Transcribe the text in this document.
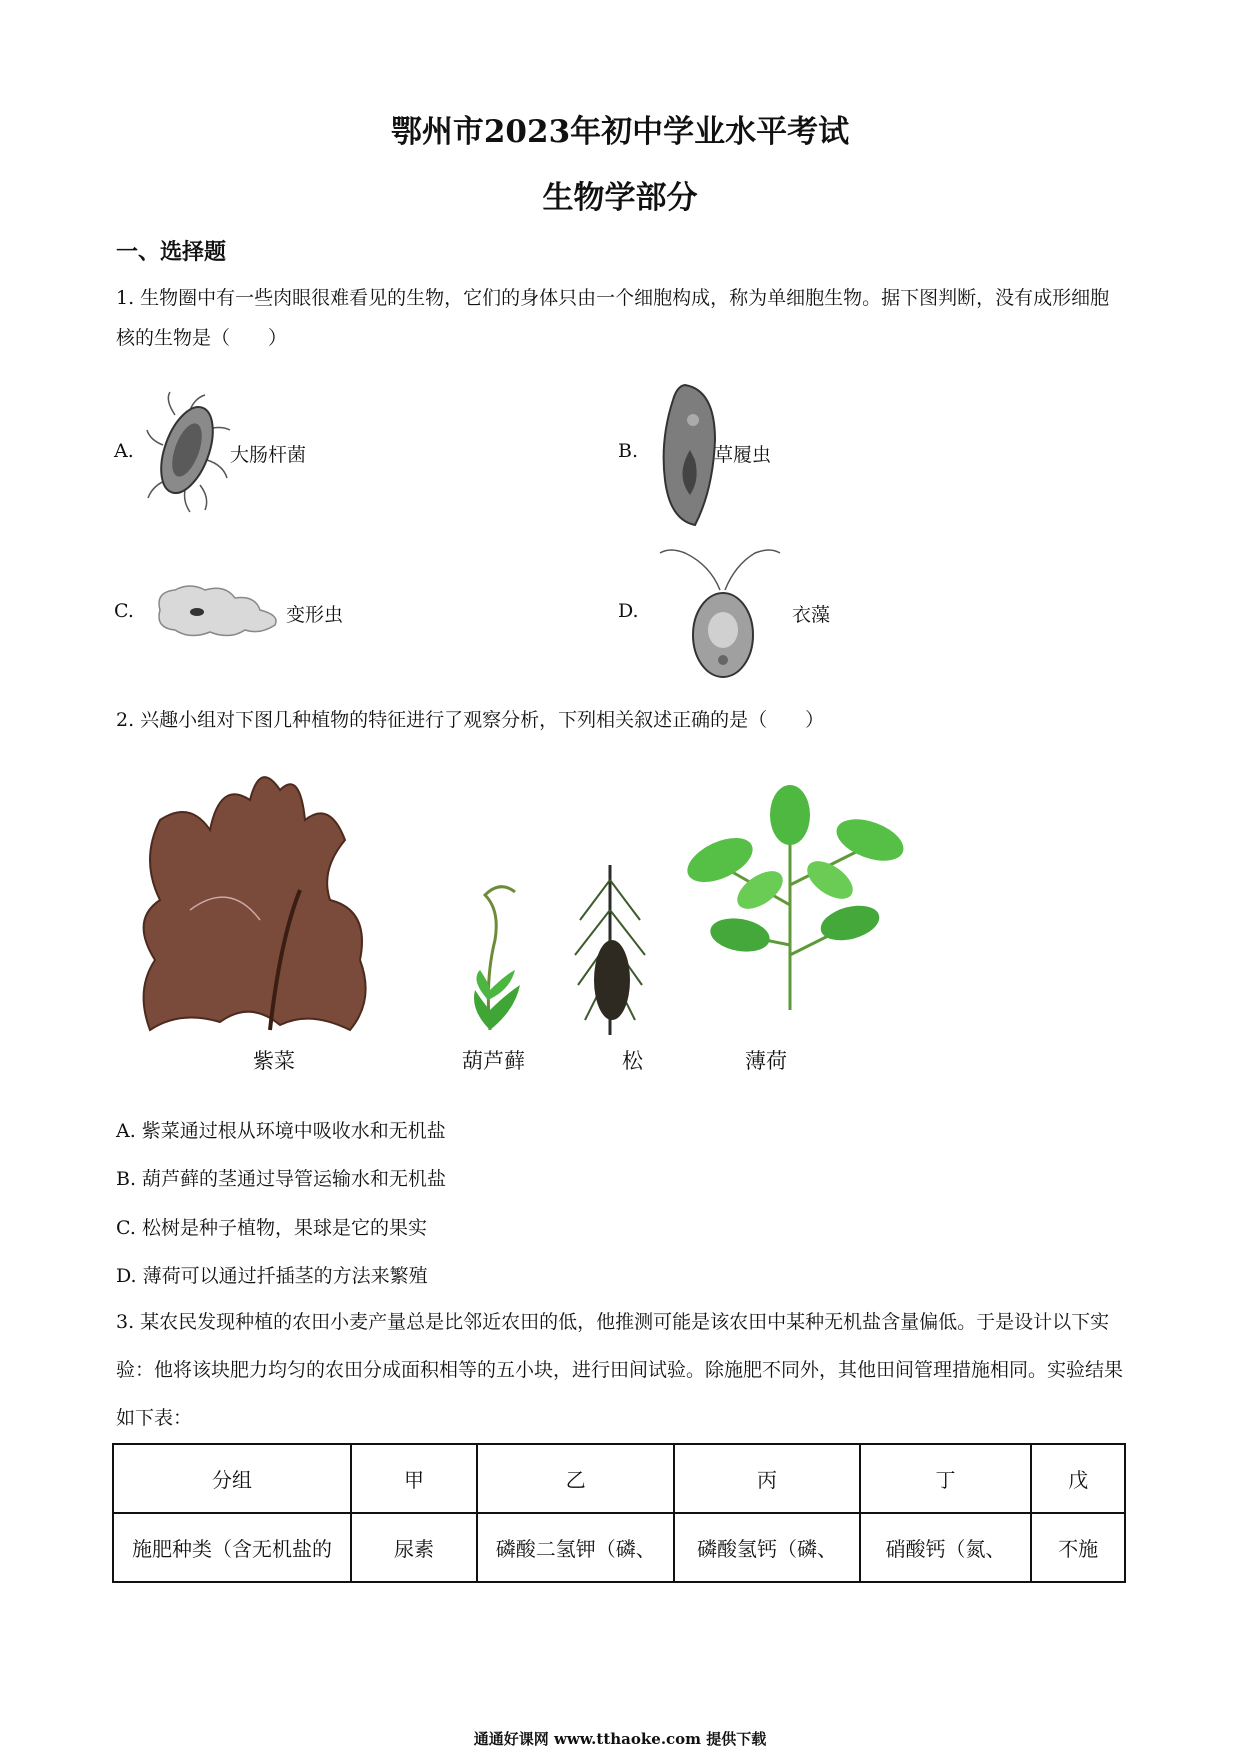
鄂州市2023年初中学业水平考试
生物学部分
一、选择题
1. 生物圈中有一些肉眼很难看见的生物，它们的身体只由一个细胞构成，称为单细胞生物。据下图判断，没有成形细胞核的生物是（　　）
A.	大肠杆菌	B.	草履虫
C.	变形虫	D.	衣藻
2. 兴趣小组对下图几种植物的特征进行了观察分析，下列相关叙述正确的是（　　）
紫菜	葫芦藓	松	薄荷
A. 紫菜通过根从环境中吸收水和无机盐
B. 葫芦藓的茎通过导管运输水和无机盐
C. 松树是种子植物，果球是它的果实
D. 薄荷可以通过扦插茎的方法来繁殖
3. 某农民发现种植的农田小麦产量总是比邻近农田的低，他推测可能是该农田中某种无机盐含量偏低。于是设计以下实验：他将该块肥力均匀的农田分成面积相等的五小块，进行田间试验。除施肥不同外，其他田间管理措施相同。实验结果如下表：
分组	甲	乙	丙	丁	戊
施肥种类（含无机盐的	尿素	磷酸二氢钾（磷、	磷酸氢钙（磷、	硝酸钙（氮、	不施
通通好课网 www.tthaoke.com 提供下载
